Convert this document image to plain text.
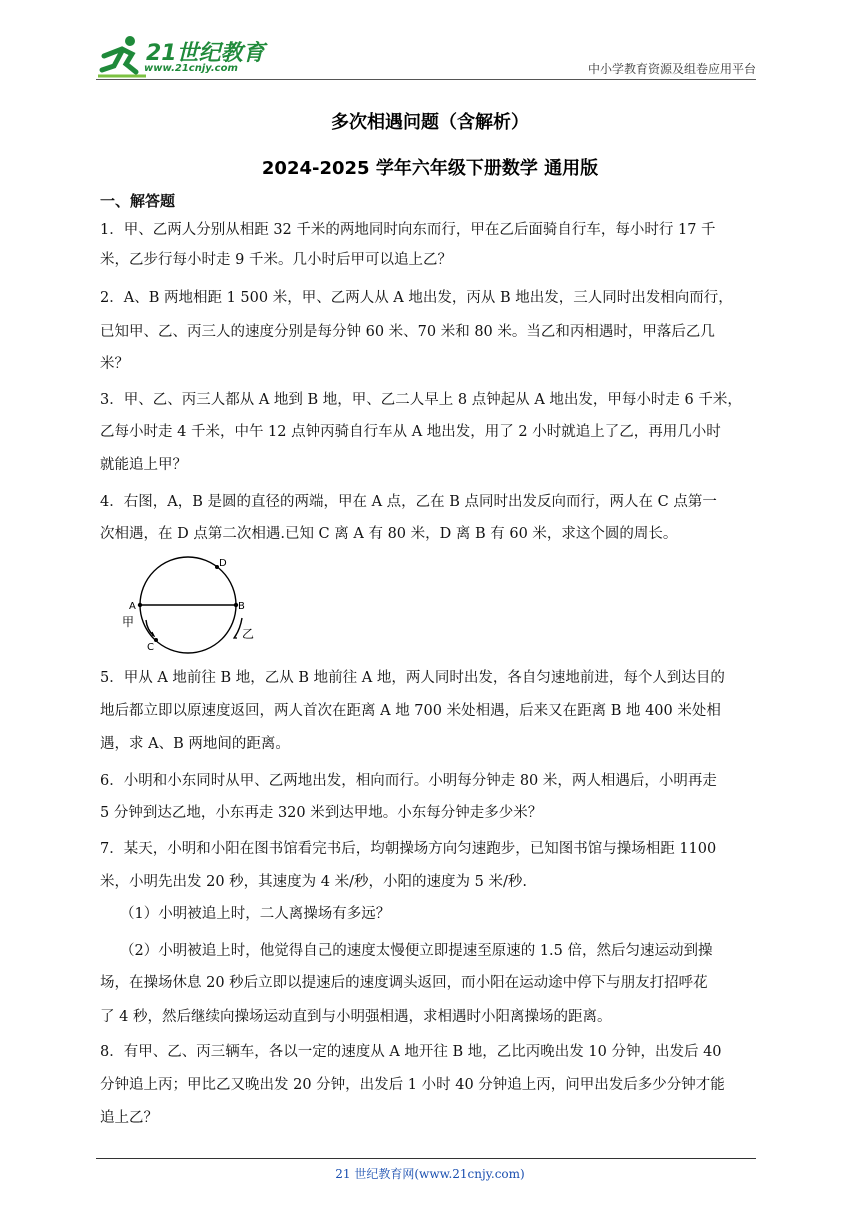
21世纪教育
www.21cnjy.com	中小学教育资源及组卷应用平台
多次相遇问题（含解析）
2024-2025 学年六年级下册数学 通用版
一、解答题
1．甲、乙两人分别从相距 32 千米的两地同时向东而行，甲在乙后面骑自行车，每小时行 17 千
米，乙步行每小时走 9 千米。几小时后甲可以追上乙？
2．A、B 两地相距 1 500 米，甲、乙两人从 A 地出发，丙从 B 地出发，三人同时出发相向而行，
已知甲、乙、丙三人的速度分别是每分钟 60 米、70 米和 80 米。当乙和丙相遇时，甲落后乙几
米？
3．甲、乙、丙三人都从 A 地到 B 地，甲、乙二人早上 8 点钟起从 A 地出发，甲每小时走 6 千米，
乙每小时走 4 千米，中午 12 点钟丙骑自行车从 A 地出发，用了 2 小时就追上了乙，再用几小时
就能追上甲？
4．右图，A，B 是圆的直径的两端，甲在 A 点，乙在 B 点同时出发反向而行，两人在 C 点第一
次相遇，在 D 点第二次相遇.已知 C 离 A 有 80 米，D 离 B 有 60 米，求这个圆的周长。
A	B
D
C
甲
乙
5．甲从 A 地前往 B 地，乙从 B 地前往 A 地，两人同时出发，各自匀速地前进，每个人到达目的
地后都立即以原速度返回，两人首次在距离 A 地 700 米处相遇，后来又在距离 B 地 400 米处相
遇，求 A、B 两地间的距离。
6．小明和小东同时从甲、乙两地出发，相向而行。小明每分钟走 80 米，两人相遇后，小明再走
5 分钟到达乙地，小东再走 320 米到达甲地。小东每分钟走多少米？
7．某天，小明和小阳在图书馆看完书后，均朝操场方向匀速跑步，已知图书馆与操场相距 1100
米，小明先出发 20 秒，其速度为 4 米/秒，小阳的速度为 5 米/秒.
（1）小明被追上时，二人离操场有多远？
（2）小明被追上时，他觉得自己的速度太慢便立即提速至原速的 1.5 倍，然后匀速运动到操
场，在操场休息 20 秒后立即以提速后的速度调头返回，而小阳在运动途中停下与朋友打招呼花
了 4 秒，然后继续向操场运动直到与小明强相遇，求相遇时小阳离操场的距离。
8．有甲、乙、丙三辆车，各以一定的速度从 A 地开往 B 地，乙比丙晚出发 10 分钟，出发后 40
分钟追上丙；甲比乙又晚出发 20 分钟，出发后 1 小时 40 分钟追上丙，问甲出发后多少分钟才能
追上乙？
21 世纪教育网(www.21cnjy.com)
